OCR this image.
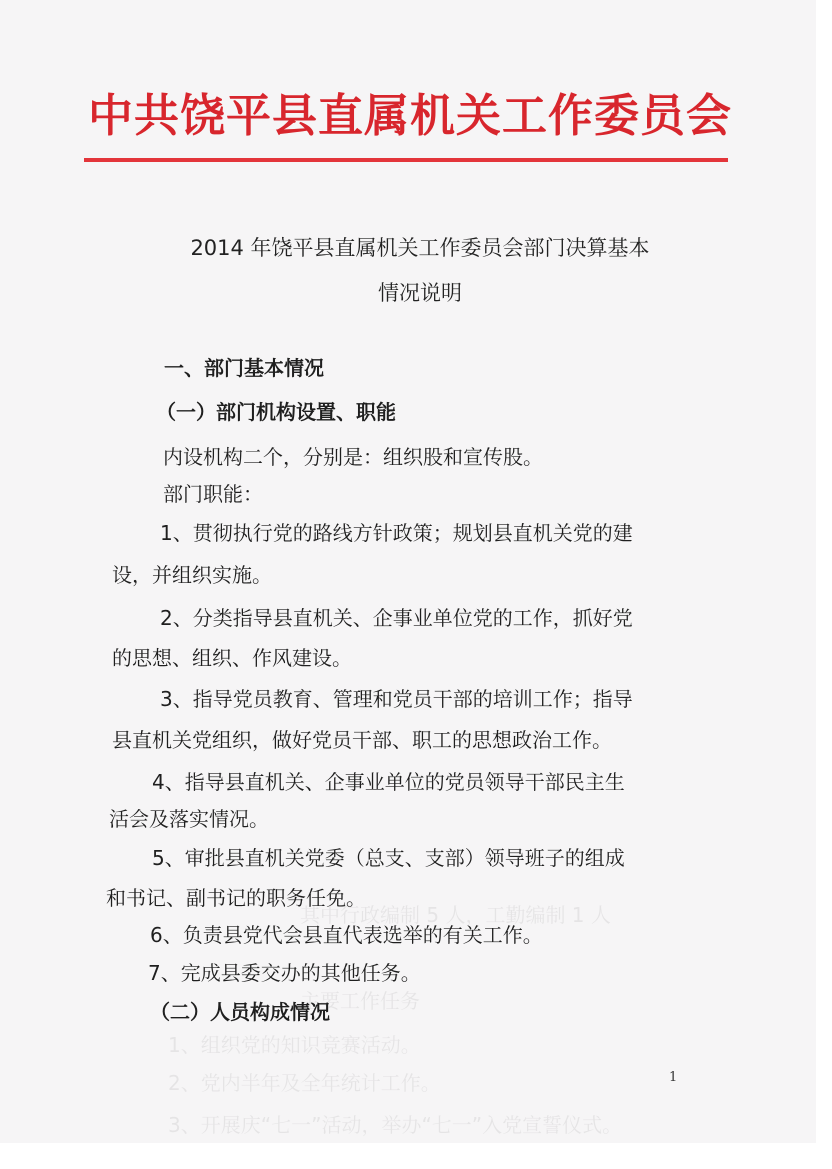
其中行政编制 5 人，工勤编制 1 人
主要工作任务
1、组织党的知识竞赛活动。
2、党内半年及全年统计工作。
3、开展庆“七一”活动，举办“七一”入党宣誓仪式。
中共饶平县直属机关工作委员会
2014 年饶平县直属机关工作委员会部门决算基本
情况说明
一、部门基本情况
（一）部门机构设置、职能
内设机构二个，分别是：组织股和宣传股。
部门职能：
1、贯彻执行党的路线方针政策；规划县直机关党的建
设，并组织实施。
2、分类指导县直机关、企事业单位党的工作，抓好党
的思想、组织、作风建设。
3、指导党员教育、管理和党员干部的培训工作；指导
县直机关党组织，做好党员干部、职工的思想政治工作。
4、指导县直机关、企事业单位的党员领导干部民主生
活会及落实情况。
5、审批县直机关党委（总支、支部）领导班子的组成
和书记、副书记的职务任免。
6、负责县党代会县直代表选举的有关工作。
7、完成县委交办的其他任务。
（二）人员构成情况
1
